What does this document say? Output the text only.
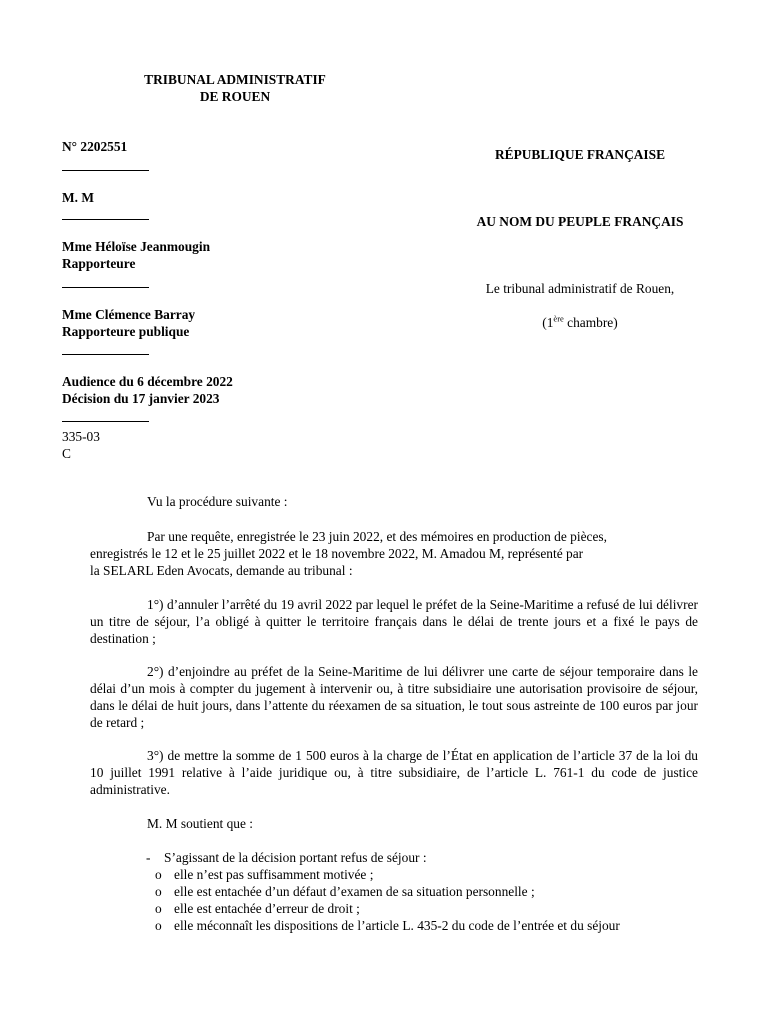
TRIBUNAL ADMINISTRATIF
DE ROUEN
N° 2202551
M. M
Mme Héloïse Jeanmougin
Rapporteure
Mme Clémence Barray
Rapporteure publique
Audience du 6 décembre 2022
Décision du 17 janvier 2023
335-03
C
RÉPUBLIQUE FRANÇAISE
AU NOM DU PEUPLE FRANÇAIS
Le tribunal administratif de Rouen,
(1ère chambre)
Vu la procédure suivante :
Par une requête, enregistrée le 23 juin 2022, et des mémoires en production de pièces,
enregistrés le 12 et le 25 juillet 2022 et le 18 novembre 2022, M. Amadou M, représenté par
la SELARL Eden Avocats, demande au tribunal :
1°) d’annuler l’arrêté du 19 avril 2022 par lequel le préfet de la Seine-Maritime a refusé de lui délivrer un titre de séjour, l’a obligé à quitter le territoire français dans le délai de trente jours et a fixé le pays de destination ;
2°) d’enjoindre au préfet de la Seine-Maritime de lui délivrer une carte de séjour temporaire dans le délai d’un mois à compter du jugement à intervenir ou, à titre subsidiaire une autorisation provisoire de séjour, dans le délai de huit jours, dans l’attente du réexamen de sa situation, le tout sous astreinte de 100 euros par jour de retard ;
3°) de mettre la somme de 1 500 euros à la charge de l’État en application de l’article 37 de la loi du 10 juillet 1991 relative à l’aide juridique ou, à titre subsidiaire, de l’article L. 761-1 du code de justice administrative.
M. M soutient que :
- S’agissant de la décision portant refus de séjour :
o elle n’est pas suffisamment motivée ;
o elle est entachée d’un défaut d’examen de sa situation personnelle ;
o elle est entachée d’erreur de droit ;
o elle méconnaît les dispositions de l’article L. 435-2 du code de l’entrée et du séjour
